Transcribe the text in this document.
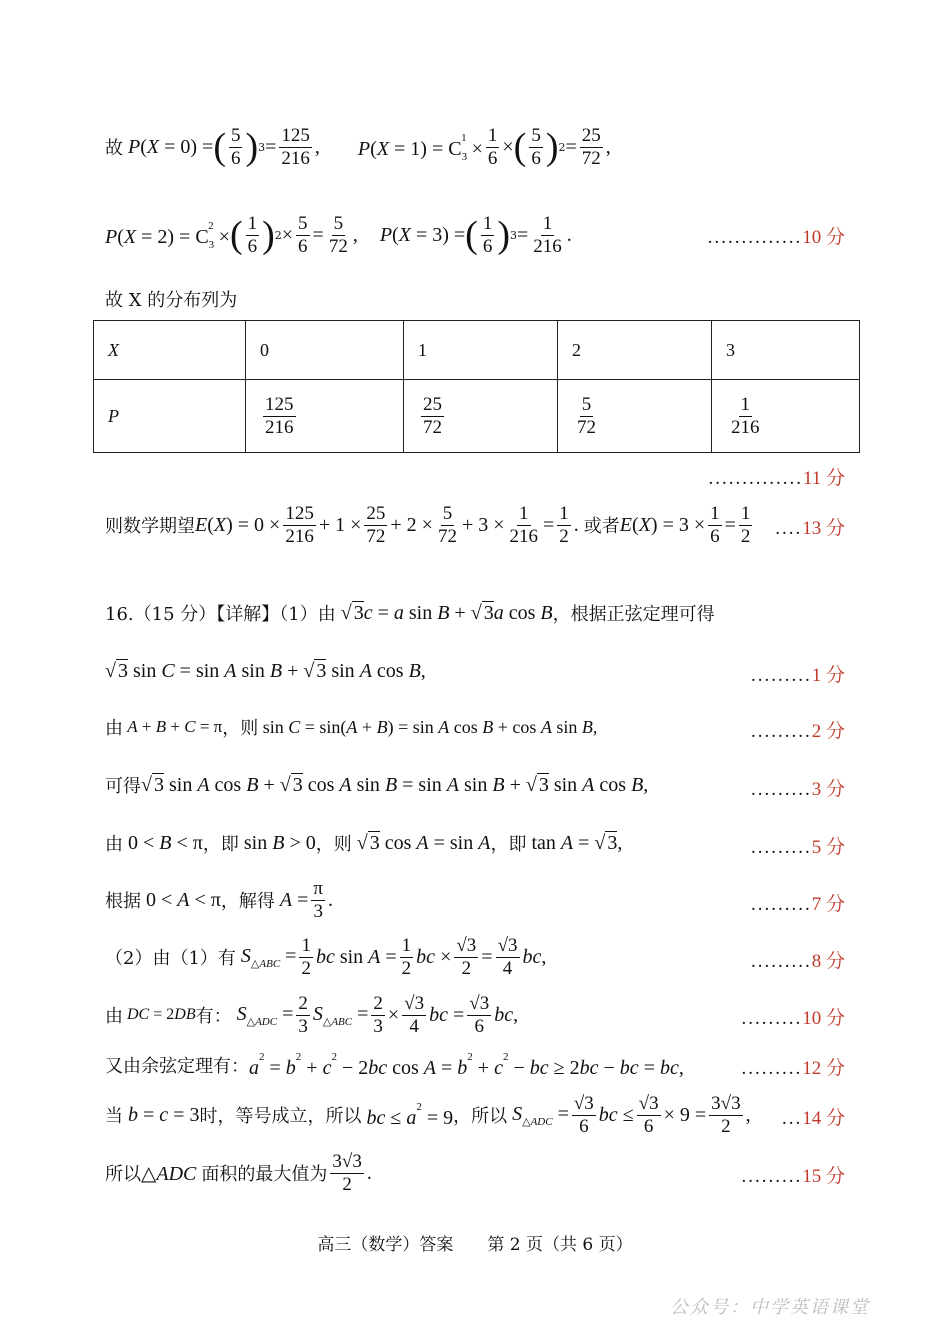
故 P(X = 0) = ( $\frac{5}{6}$ ) $3 = \frac{125}{216}$ , $P(X = 1) = C_3^1 \times \frac{1}{6}$ × ( $\frac{5}{6}$ ) $2 = \frac{25}{72}$ ,
$P(X = 2) = C_3^2$ × ( $\frac{1}{6}$ ) $2 \times \frac{5}{6} = \frac{5}{72}$ , P(X = 3) = ( $\frac{1}{6}$ ) $3 = \frac{1}{216}$ .	..............10 分
故 X 的分布列为
X	0	1	2	3
P	$\frac{125}{216}$	$\frac{25}{72}$	$\frac{5}{72}$	$\frac{1}{216}$
..............11 分
则数学期望 $E(X) = 0 \times \frac{125}{216} + 1 \times \frac{25}{72} + 2 \times \frac{5}{72} + 3 \times \frac{1}{216} = \frac{1}{2}$ . 或者 $E(X) = 3 \times \frac{1}{6} = \frac{1}{2} ....13$ 分
16.（15 分）【详解】（1）由 √ 3c = a sin B + √ 3a cos B ，根据正弦定理可得
√ 3 sin C = sin A sin B + √ 3 sin A cos B,	.........1 分
由 A + B + C = π ，则 sin C = sin(A + B) = sin A cos B + cos A sin B,	.........2 分
可得 √ 3 sin A cos B + √ 3 cos A sin B = sin A sin B + √ 3 sin A cos B,	.........3 分
由 0 < B < π ，即 sin B > 0 ，则 √ 3 cos A = sin A ，即 tan A = √ 3,	.........5 分
根据 0 < A < π ，解得 $A = \frac{\pi}{3}$ .	.........7 分
（2）由（1）有 $S_{\triangle ABC} = \frac{1}{2}$ bc $\sin A = \frac{1}{2}$ bc × $\frac{√3}{2} = \frac{√3}{4}$ bc,	.........8 分
由 DC = 2DB 有： $S_{\triangle ADC} = \frac{2}{3} S_{\triangle ABC} = \frac{2}{3} \times \frac{√3}{4}$ bc = $\frac{√3}{6}$ bc,	.........10 分
又由余弦定理有： $a^2 = b^2 + c^2 - 2bc$ $\cos A = b^2 + c^2$ − bc ≥ 2bc − bc = bc,	.........12 分
当 b = c = 3 时，等号成立，所以 bc ≤ $a^2 = 9$ ，所以 $S_{\triangle ADC} = \frac{√3}{6}$ bc ≤ $\frac{√3}{6} \times 9 = \frac{3√3}{2}$ , ...14 分
所以 △ADC 面积的最大值为 $\frac{3√3}{2}$ .	.........15 分
高三（数学）答案　　第 2 页（共 6 页）
公众号：中学英语课堂
